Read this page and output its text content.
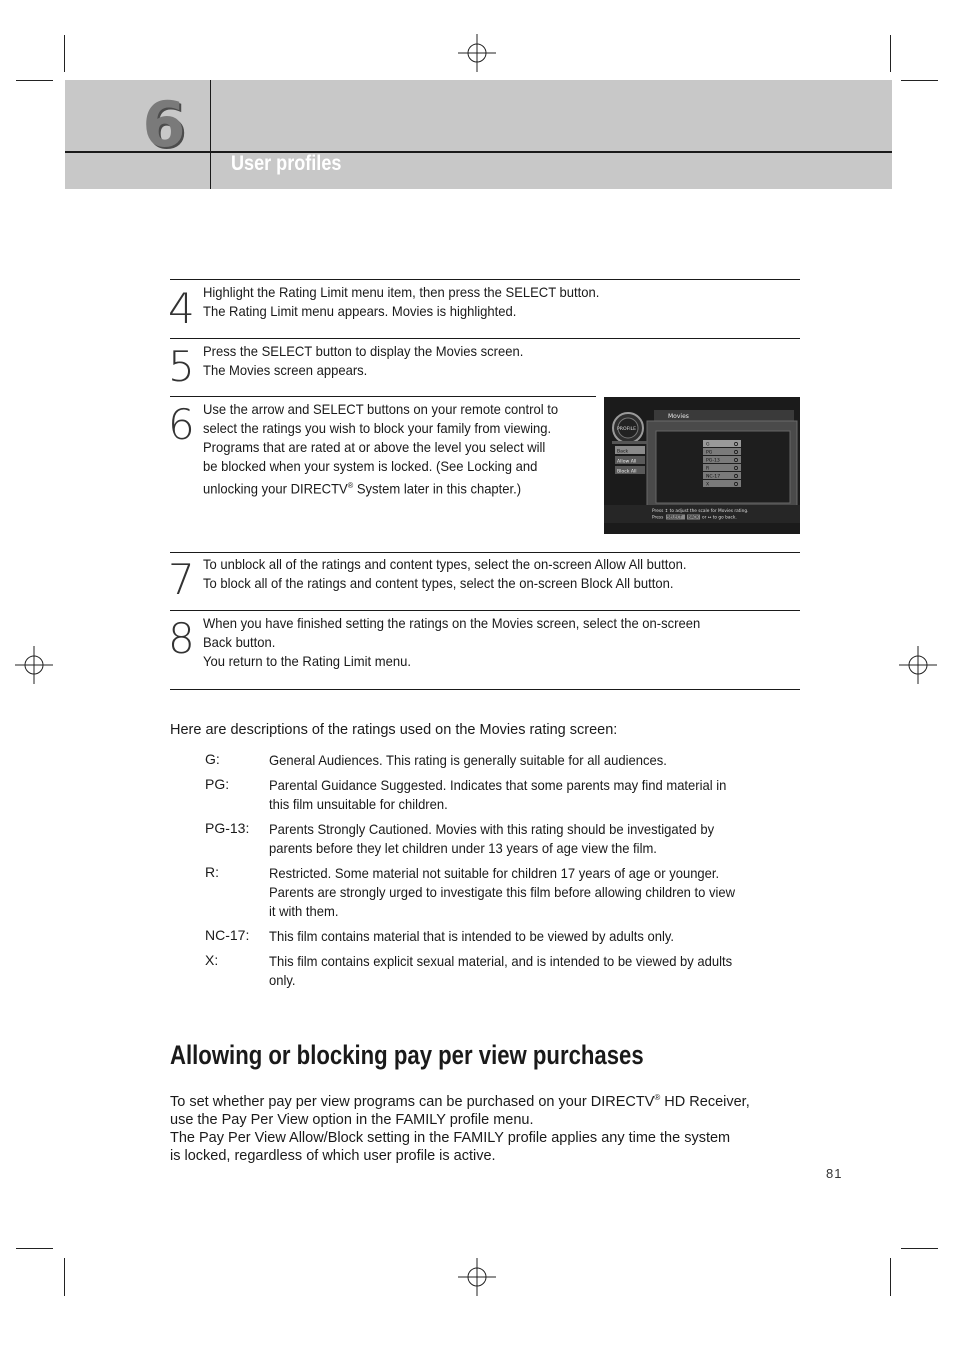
6
User profiles
4 Highlight the Rating Limit menu item, then press the SELECT button.

The Rating Limit menu appears. Movies is highlighted.

5 Press the SELECT button to display the Movies screen.

The Movies screen appears.

6 Use the arrow and SELECT buttons on your remote control to

select the ratings you wish to block your family from viewing.

Programs that are rated at or above the level you select will

be blocked when your system is locked. (See Locking and

unlocking your DIRECTV® System later in this chapter.)

PROFILE
Movies
Back
Allow All
Block All
G
PG
PG-13
R
NC-17
X
Press ↕ to adjust the scale for Movies rating.
Press SELECT BACK or ↔ to go back.
7 To unblock all of the ratings and content types, select the on-screen Allow All button.

To block all of the ratings and content types, select the on-screen Block All button.

8 When you have finished setting the ratings on the Movies screen, select the on-screen

Back button.

You return to the Rating Limit menu.

Here are descriptions of the ratings used on the Movies rating screen:
G:	General Audiences. This rating is generally suitable for all audiences.
PG:	Parental Guidance Suggested. Indicates that some parents may find material in
this film unsuitable for children.
PG-13: Parents Strongly Cautioned. Movies with this rating should be investigated by
parents before they let children under 13 years of age view the film.
R:	Restricted. Some material not suitable for children 17 years of age or younger.
Parents are strongly urged to investigate this film before allowing children to view
it with them.
NC-17: This film contains material that is intended to be viewed by adults only.
X:	This film contains explicit sexual material, and is intended to be viewed by adults
only.
Allowing or blocking pay per view purchases
To set whether pay per view programs can be purchased on your DIRECTV® HD Receiver,
use the Pay Per View option in the FAMILY profile menu.
The Pay Per View Allow/Block setting in the FAMILY profile applies any time the system
is locked, regardless of which user profile is active.
81
